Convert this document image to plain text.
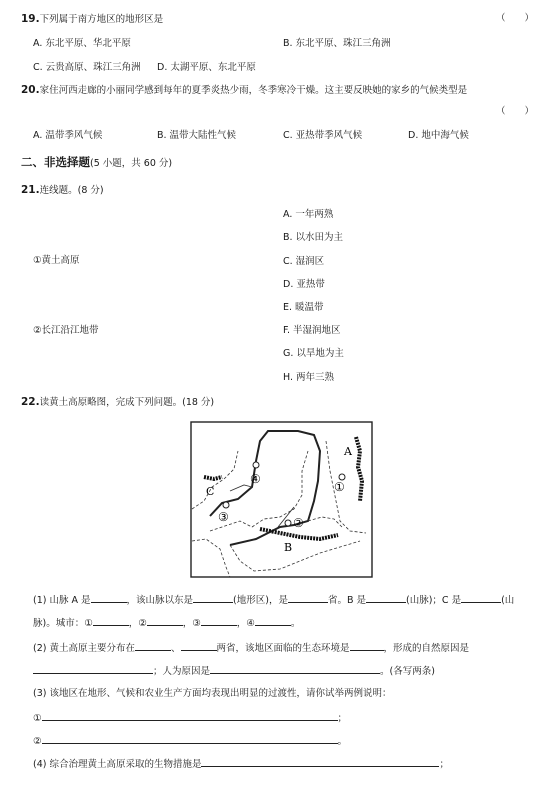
19.下列属于南方地区的地形区是	（ ）
A. 东北平原、华北平原	B. 东北平原、珠江三角洲
C. 云贵高原、珠江三角洲 D. 太湖平原、东北平原
20.家住河西走廊的小丽同学感到每年的夏季炎热少雨，冬季寒冷干燥。这主要反映她的家乡的气候类型是
（ ）
A. 温带季风气候	B. 温带大陆性气候	C. 亚热带季风气候	D. 地中海气候
二、非选择题(5 小题，共 60 分)
21.连线题。(8 分)
①黄土高原
②长江沿江地带
A. 一年两熟
B. 以水田为主
C. 湿润区
D. 亚热带
E. 暖温带
F. 半湿润地区
G. 以旱地为主
H. 两年三熟
22.读黄土高原略图，完成下列问题。(18 分)
A
B
C	①
②
③
④
(1) 山脉 A 是	，该山脉以东是	(地形区)，是	省。B 是	(山脉)；C 是	(山
脉)。城市：①	，②	，③	，④	。
(2) 黄土高原主要分布在	、	两省，该地区面临的生态环境是	，形成的自然原因是
；人为原因是	。(各写两条)
(3) 该地区在地形、气候和农业生产方面均表现出明显的过渡性，请你试举两例说明：
①	；
②	。
(4) 综合治理黄土高原采取的生物措施是	；
